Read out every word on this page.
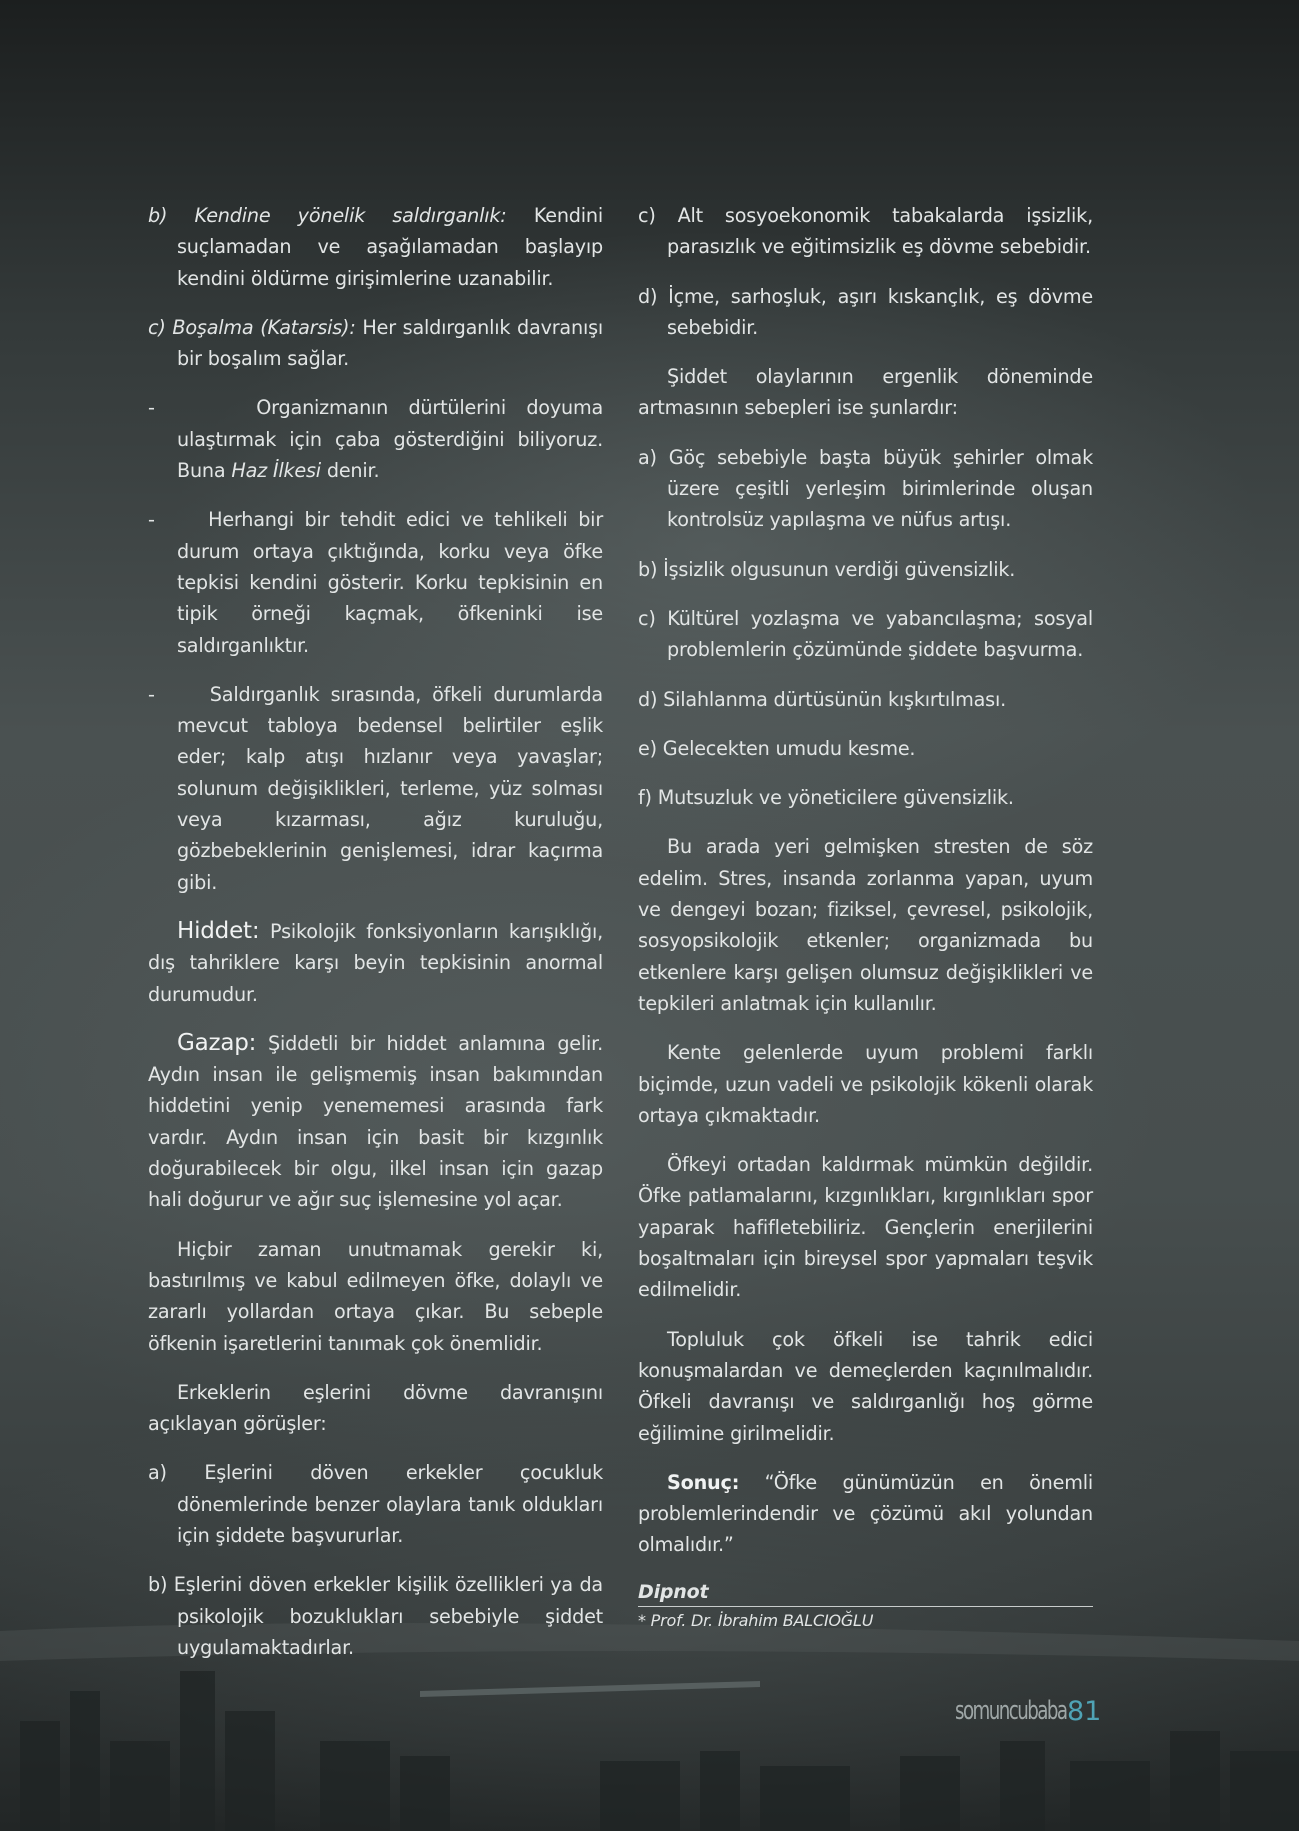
b) Kendine yönelik saldırganlık: Kendini suçlamadan ve aşağılamadan başlayıp kendini öldürme girişimlerine uzanabilir.

c) Boşalma (Katarsis): Her saldırganlık davranışı bir boşalım sağlar.

-	Organizmanın dürtülerini doyuma ulaştırmak için çaba gösterdiğini biliyoruz. Buna Haz İlkesi denir.

-	Herhangi bir tehdit edici ve tehlikeli bir durum ortaya çıktığında, korku veya öfke tepkisi kendini gösterir. Korku tepkisinin en tipik örneği kaçmak, öfkeninki ise saldırganlıktır.

-	Saldırganlık sırasında, öfkeli durumlarda mevcut tabloya bedensel belirtiler eşlik eder; kalp atışı hızlanır veya yavaşlar; solunum değişiklikleri, terleme, yüz solması veya kızarması, ağız kuruluğu, gözbebeklerinin genişlemesi, idrar kaçırma gibi.

Hiddet: Psikolojik fonksiyonların karışıklığı, dış tahriklere karşı beyin tepkisinin anormal durumudur.

Gazap: Şiddetli bir hiddet anlamına gelir. Aydın insan ile gelişmemiş insan bakımından hiddetini yenip yenememesi arasında fark vardır. Aydın insan için basit bir kızgınlık doğurabilecek bir olgu, ilkel insan için gazap hali doğurur ve ağır suç işlemesine yol açar.

Hiçbir zaman unutmamak gerekir ki, bastırılmış ve kabul edilmeyen öfke, dolaylı ve zararlı yollardan ortaya çıkar. Bu sebeple öfkenin işaretlerini tanımak çok önemlidir.

Erkeklerin eşlerini dövme davranışını açıklayan görüşler:

a) Eşlerini döven erkekler çocukluk dönemlerinde benzer olaylara tanık oldukları için şiddete başvururlar.

b) Eşlerini döven erkekler kişilik özellikleri ya da psikolojik bozuklukları sebebiyle şiddet uygulamaktadırlar.

c) Alt sosyoekonomik tabakalarda işsizlik, parasızlık ve eğitimsizlik eş dövme sebebidir.

d) İçme, sarhoşluk, aşırı kıskançlık, eş dövme sebebidir.

Şiddet olaylarının ergenlik döneminde artmasının sebepleri ise şunlardır:

a) Göç sebebiyle başta büyük şehirler olmak üzere çeşitli yerleşim birimlerinde oluşan kontrolsüz yapılaşma ve nüfus artışı.

b) İşsizlik olgusunun verdiği güvensizlik.

c) Kültürel yozlaşma ve yabancılaşma; sosyal problemlerin çözümünde şiddete başvurma.

d) Silahlanma dürtüsünün kışkırtılması.

e) Gelecekten umudu kesme.

f) Mutsuzluk ve yöneticilere güvensizlik.

Bu arada yeri gelmişken stresten de söz edelim. Stres, insanda zorlanma yapan, uyum ve dengeyi bozan; fiziksel, çevresel, psikolojik, sosyopsikolojik etkenler; organizmada bu etkenlere karşı gelişen olumsuz değişiklikleri ve tepkileri anlatmak için kullanılır.

Kente gelenlerde uyum problemi farklı biçimde, uzun vadeli ve psikolojik kökenli olarak ortaya çıkmaktadır.

Öfkeyi ortadan kaldırmak mümkün değildir. Öfke patlamalarını, kızgınlıkları, kırgınlıkları spor yaparak hafifletebiliriz. Gençlerin enerjilerini boşaltmaları için bireysel spor yapmaları teşvik edilmelidir.

Topluluk çok öfkeli ise tahrik edici konuşmalardan ve demeçlerden kaçınılmalıdır. Öfkeli davranışı ve saldırganlığı hoş görme eğilimine girilmelidir.

Sonuç: “Öfke günümüzün en önemli problemlerindendir ve çözümü akıl yolundan olmalıdır.”

Dipnot
* Prof. Dr. İbrahim BALCIOĞLU
somuncubaba 81
